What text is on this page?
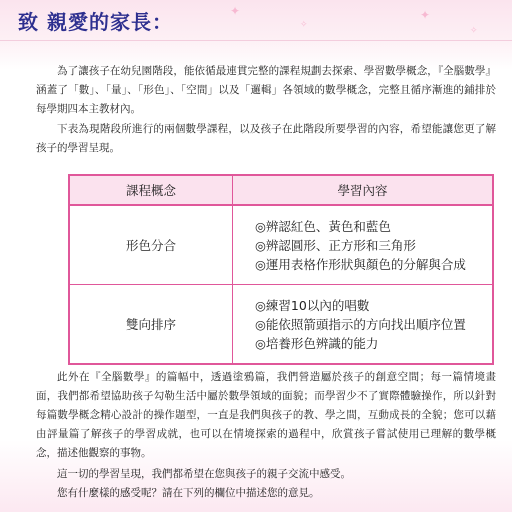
致 親愛的家長：	✦
✧
✦
✧
為了讓孩子在幼兒園階段，能依循最連貫完整的課程規劃去探索、學習數學概念，『全腦數學』涵蓋了「數」、「量」、「形色」、「空間」以及「邏輯」各領域的數學概念，完整且循序漸進的鋪排於每學期四本主教材內。
下表為現階段所進行的兩個數學課程，以及孩子在此階段所要學習的內容，希望能讓您更了解孩子的學習呈現。
課程概念	學習內容
形色分合	◎辨認紅色、黃色和藍色
◎辨認圓形、正方形和三角形
◎運用表格作形狀與顏色的分解與合成

雙向排序	◎練習10以內的唱數
◎能依照箭頭指示的方向找出順序位置
◎培養形色辨識的能力
此外在『全腦數學』的篇幅中，透過塗鴉篇，我們營造屬於孩子的創意空間；每一篇情境畫面，我們都希望協助孩子勾勒生活中屬於數學領域的面貌；而學習少不了實際體驗操作，所以針對每篇數學概念精心設計的操作題型，一直是我們與孩子的教、學之間，互動成長的全貌；您可以藉由評量篇了解孩子的學習成就，也可以在情境探索的過程中，欣賞孩子嘗試使用已理解的數學概念，描述他觀察的事物。
這一切的學習呈現，我們都希望在您與孩子的親子交流中感受。
您有什麼樣的感受呢？請在下列的欄位中描述您的意見。
